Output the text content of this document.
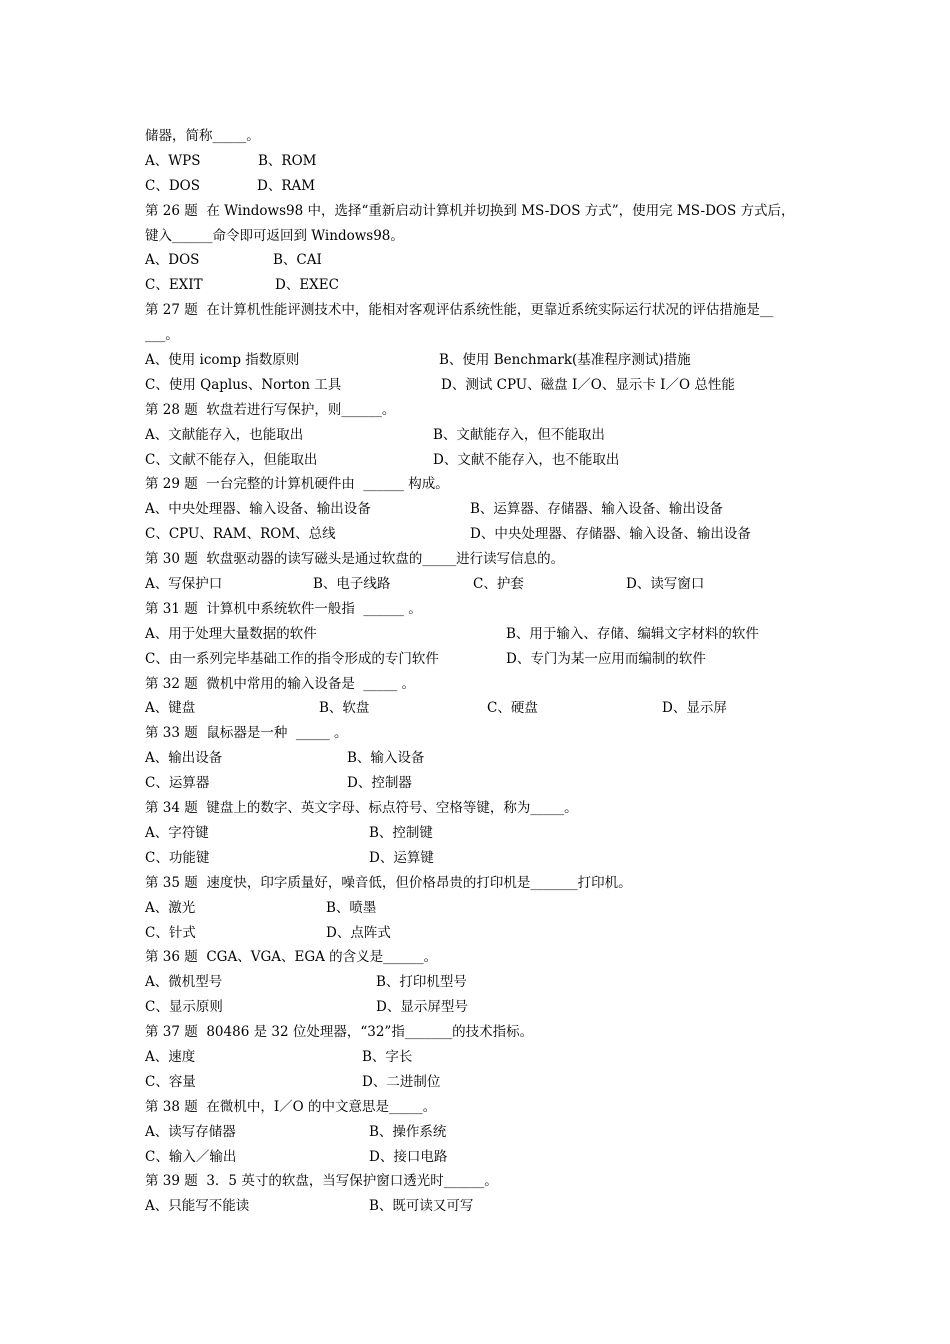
储器，简称_____。
A、WPS	B、ROM
C、DOS	D、RAM
第 26 题  在 Windows98 中，选择“重新启动计算机并切换到 MS-DOS 方式”，使用完 MS-DOS 方式后，
键入______命令即可返回到 Windows98。
A、DOS	B、CAI
C、EXIT	D、EXEC
第 27 题  在计算机性能评测技术中，能相对客观评估系统性能，更靠近系统实际运行状况的评估措施是__
___。
A、使用 icomp 指数原则	B、使用 Benchmark(基准程序测试)措施
C、使用 Qaplus、Norton 工具	D、测试 CPU、磁盘 I／O、显示卡 I／O 总性能
第 28 题  软盘若进行写保护，则______。
A、文献能存入，也能取出	B、文献能存入，但不能取出
C、文献不能存入，但能取出	D、文献不能存入，也不能取出
第 29 题  一台完整的计算机硬件由  ______ 构成。
A、中央处理器、输入设备、输出设备	B、运算器、存储器、输入设备、输出设备
C、CPU、RAM、ROM、总线	D、中央处理器、存储器、输入设备、输出设备
第 30 题  软盘驱动器的读写磁头是通过软盘的_____进行读写信息的。
A、写保护口	B、电子线路	C、护套	D、读写窗口
第 31 题  计算机中系统软件一般指  ______ 。
A、用于处理大量数据的软件	B、用于输入、存储、编辑文字材料的软件
C、由一系列完毕基础工作的指令形成的专门软件	D、专门为某一应用而编制的软件
第 32 题  微机中常用的输入设备是  _____ 。
A、键盘	B、软盘	C、硬盘	D、显示屏
第 33 题  鼠标器是一种  _____ 。
A、输出设备	B、输入设备
C、运算器	D、控制器
第 34 题  键盘上的数字、英文字母、标点符号、空格等键，称为_____。
A、字符键	B、控制键
C、功能键	D、运算键
第 35 题  速度快，印字质量好，噪音低，但价格昂贵的打印机是_______打印机。
A、激光	B、喷墨
C、针式	D、点阵式
第 36 题  CGA、VGA、EGA 的含义是______。
A、微机型号	B、打印机型号
C、显示原则	D、显示屏型号
第 37 题  80486 是 32 位处理器，“32”指_______的技术指标。
A、速度	B、字长
C、容量	D、二进制位
第 38 题  在微机中，I／O 的中文意思是_____。
A、读写存储器	B、操作系统
C、输入／输出	D、接口电路
第 39 题  3．5 英寸的软盘，当写保护窗口透光时______。
A、只能写不能读	B、既可读又可写
